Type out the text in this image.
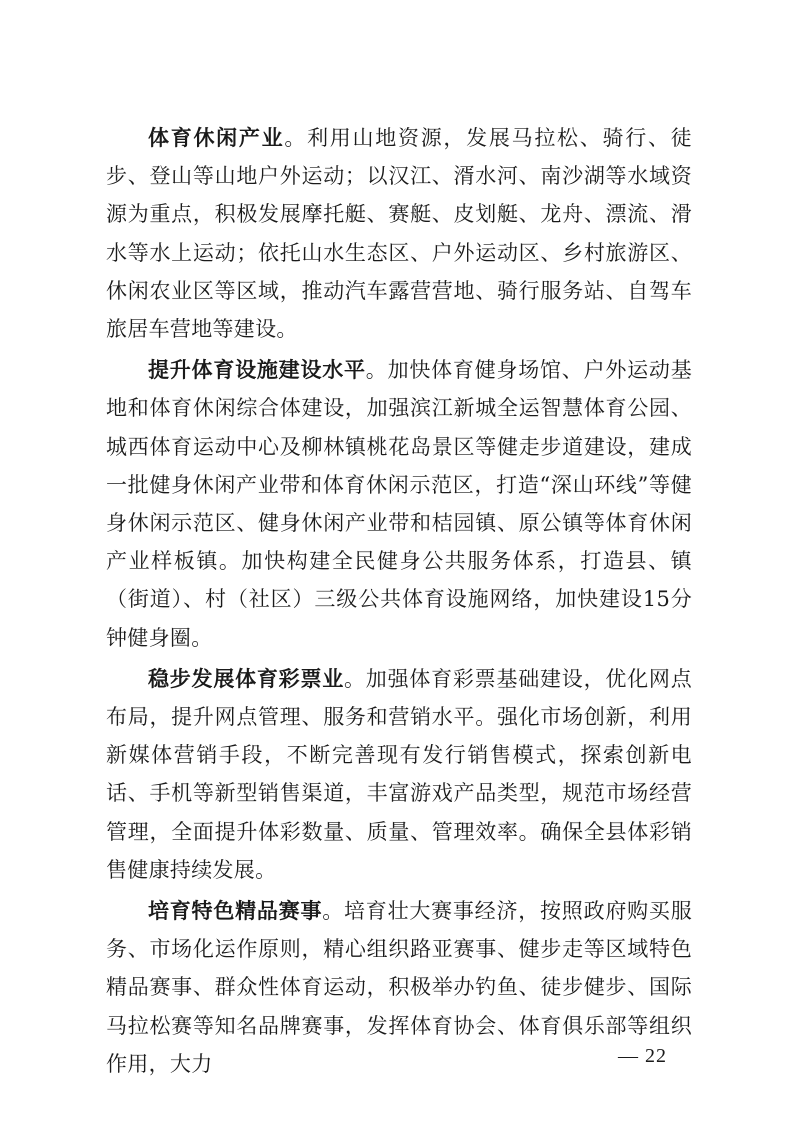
体育休闲产业。利用山地资源，发展马拉松、骑行、徒步、登山等山地户外运动；以汉江、湑水河、南沙湖等水域资源为重点，积极发展摩托艇、赛艇、皮划艇、龙舟、漂流、滑水等水上运动；依托山水生态区、户外运动区、乡村旅游区、休闲农业区等区域，推动汽车露营营地、骑行服务站、自驾车旅居车营地等建设。

提升体育设施建设水平。加快体育健身场馆、户外运动基地和体育休闲综合体建设，加强滨江新城全运智慧体育公园、城西体育运动中心及柳林镇桃花岛景区等健走步道建设，建成一批健身休闲产业带和体育休闲示范区，打造“深山环线”等健身休闲示范区、健身休闲产业带和桔园镇、原公镇等体育休闲产业样板镇。加快构建全民健身公共服务体系，打造县、镇（街道）、村（社区）三级公共体育设施网络，加快建设15分钟健身圈。

稳步发展体育彩票业。加强体育彩票基础建设，优化网点布局，提升网点管理、服务和营销水平。强化市场创新，利用新媒体营销手段，不断完善现有发行销售模式，探索创新电话、手机等新型销售渠道，丰富游戏产品类型，规范市场经营管理，全面提升体彩数量、质量、管理效率。确保全县体彩销售健康持续发展。

培育特色精品赛事。培育壮大赛事经济，按照政府购买服务、市场化运作原则，精心组织路亚赛事、健步走等区域特色精品赛事、群众性体育运动，积极举办钓鱼、徒步健步、国际马拉松赛等知名品牌赛事，发挥体育协会、体育俱乐部等组织作用，大力	— 22
